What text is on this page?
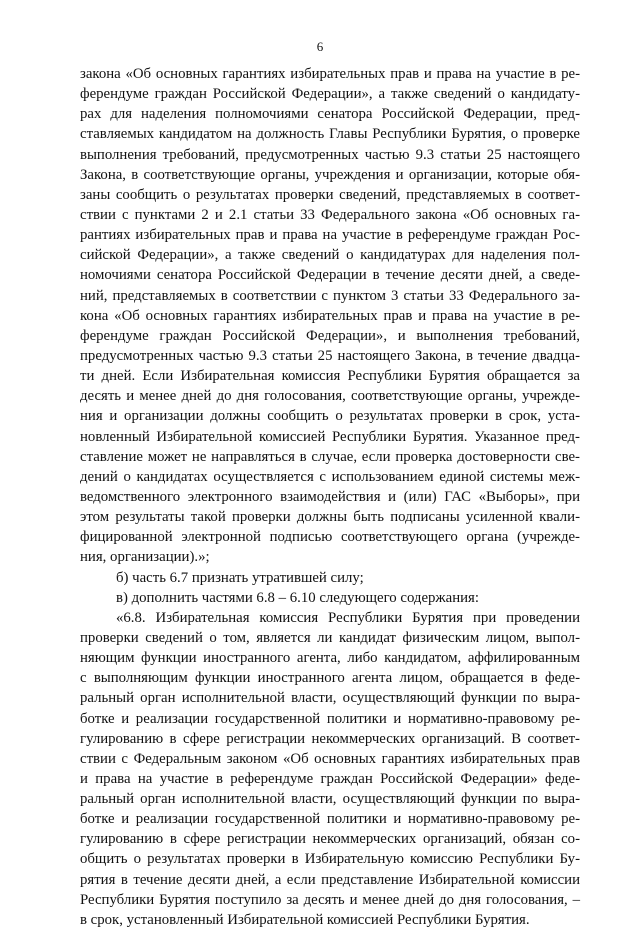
6
закона «Об основных гарантиях избирательных прав и права на участие в ре-
ферендуме граждан Российской Федерации», а также сведений о кандидату-
рах для наделения полномочиями сенатора Российской Федерации, пред-
ставляемых кандидатом на должность Главы Республики Бурятия, о проверке
выполнения требований, предусмотренных частью 9.3 статьи 25 настоящего
Закона, в соответствующие органы, учреждения и организации, которые обя-
заны сообщить о результатах проверки сведений, представляемых в соответ-
ствии с пунктами 2 и 2.1 статьи 33 Федерального закона «Об основных га-
рантиях избирательных прав и права на участие в референдуме граждан Рос-
сийской Федерации», а также сведений о кандидатурах для наделения пол-
номочиями сенатора Российской Федерации в течение десяти дней, а сведе-
ний, представляемых в соответствии с пунктом 3 статьи 33 Федерального за-
кона «Об основных гарантиях избирательных прав и права на участие в ре-
ферендуме граждан Российской Федерации», и выполнения требований,
предусмотренных частью 9.3 статьи 25 настоящего Закона, в течение двадца-
ти дней. Если Избирательная комиссия Республики Бурятия обращается за
десять и менее дней до дня голосования, соответствующие органы, учрежде-
ния и организации должны сообщить о результатах проверки в срок, уста-
новленный Избирательной комиссией Республики Бурятия. Указанное пред-
ставление может не направляться в случае, если проверка достоверности све-
дений о кандидатах осуществляется с использованием единой системы меж-
ведомственного электронного взаимодействия и (или) ГАС «Выборы», при
этом результаты такой проверки должны быть подписаны усиленной квали-
фицированной электронной подписью соответствующего органа (учрежде-
ния, организации).»;
б) часть 6.7 признать утратившей силу;
в) дополнить частями 6.8 – 6.10 следующего содержания:
«6.8. Избирательная комиссия Республики Бурятия при проведении
проверки сведений о том, является ли кандидат физическим лицом, выпол-
няющим функции иностранного агента, либо кандидатом, аффилированным
с выполняющим функции иностранного агента лицом, обращается в феде-
ральный орган исполнительной власти, осуществляющий функции по выра-
ботке и реализации государственной политики и нормативно-правовому ре-
гулированию в сфере регистрации некоммерческих организаций. В соответ-
ствии с Федеральным законом «Об основных гарантиях избирательных прав
и права на участие в референдуме граждан Российской Федерации» феде-
ральный орган исполнительной власти, осуществляющий функции по выра-
ботке и реализации государственной политики и нормативно-правовому ре-
гулированию в сфере регистрации некоммерческих организаций, обязан со-
общить о результатах проверки в Избирательную комиссию Республики Бу-
рятия в течение десяти дней, а если представление Избирательной комиссии
Республики Бурятия поступило за десять и менее дней до дня голосования, –
в срок, установленный Избирательной комиссией Республики Бурятия.
